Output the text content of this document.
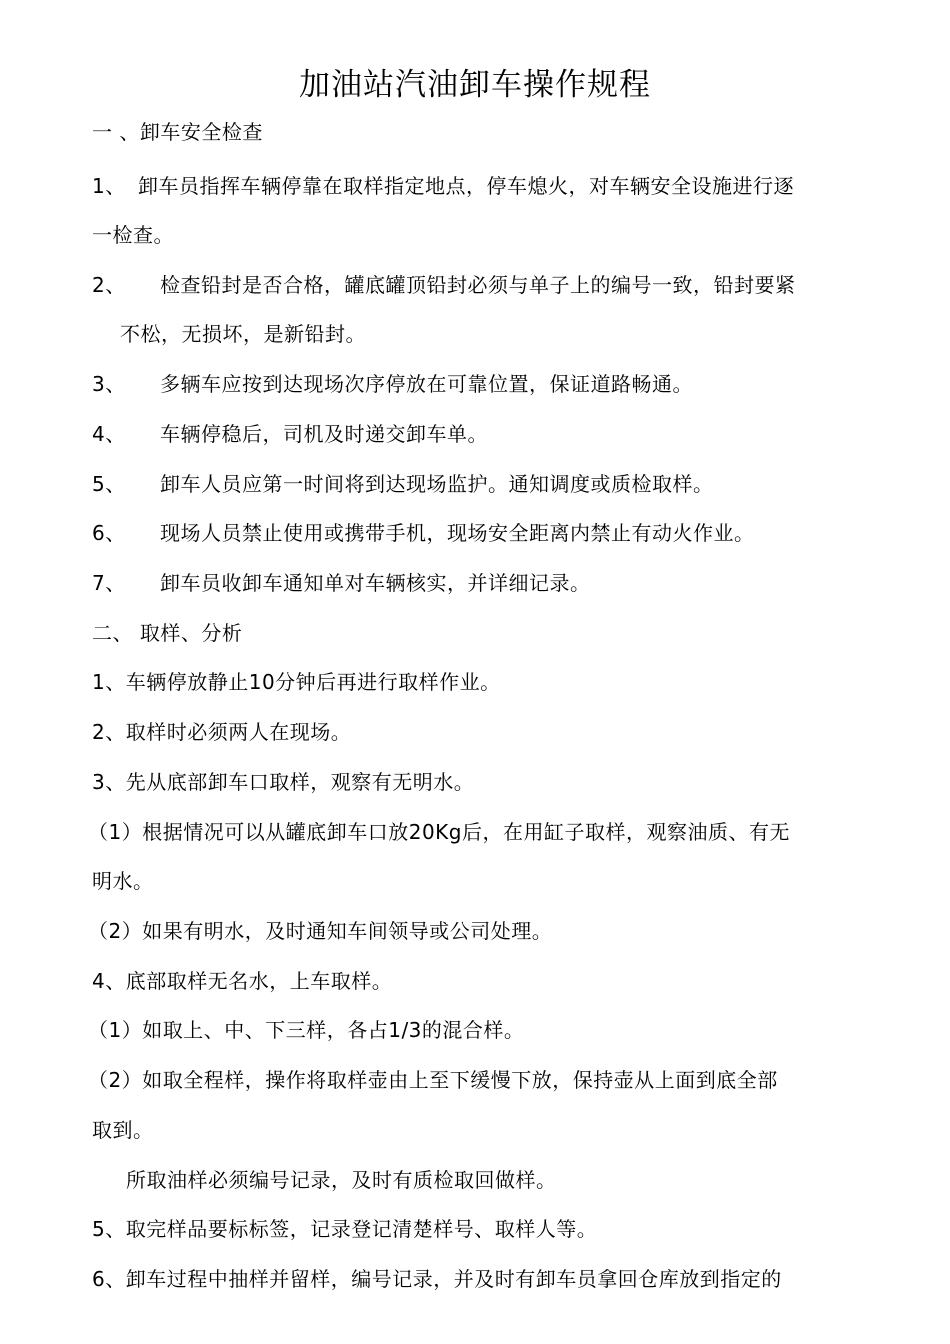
加油站汽油卸车操作规程
一 、卸车安全检查
1、 卸车员指挥车辆停靠在取样指定地点，停车熄火，对车辆安全设施进行逐
一检查。
2、 检查铅封是否合格，罐底罐顶铅封必须与单子上的编号一致，铅封要紧
不松，无损坏，是新铅封。
3、 多辆车应按到达现场次序停放在可靠位置，保证道路畅通。
4、 车辆停稳后，司机及时递交卸车单。
5、 卸车人员应第一时间将到达现场监护。通知调度或质检取样。
6、 现场人员禁止使用或携带手机，现场安全距离内禁止有动火作业。
7、 卸车员收卸车通知单对车辆核实，并详细记录。
二、 取样、分析
1、车辆停放静止10分钟后再进行取样作业。
2、取样时必须两人在现场。
3、先从底部卸车口取样，观察有无明水。
（1）根据情况可以从罐底卸车口放20Kg后，在用缸子取样，观察油质、有无
明水。
（2）如果有明水，及时通知车间领导或公司处理。
4、底部取样无名水，上车取样。
（1）如取上、中、下三样，各占1/3的混合样。
（2）如取全程样，操作将取样壶由上至下缓慢下放，保持壶从上面到底全部
取到。
所取油样必须编号记录，及时有质检取回做样。
5、取完样品要标标签，记录登记清楚样号、取样人等。
6、卸车过程中抽样并留样，编号记录，并及时有卸车员拿回仓库放到指定的
